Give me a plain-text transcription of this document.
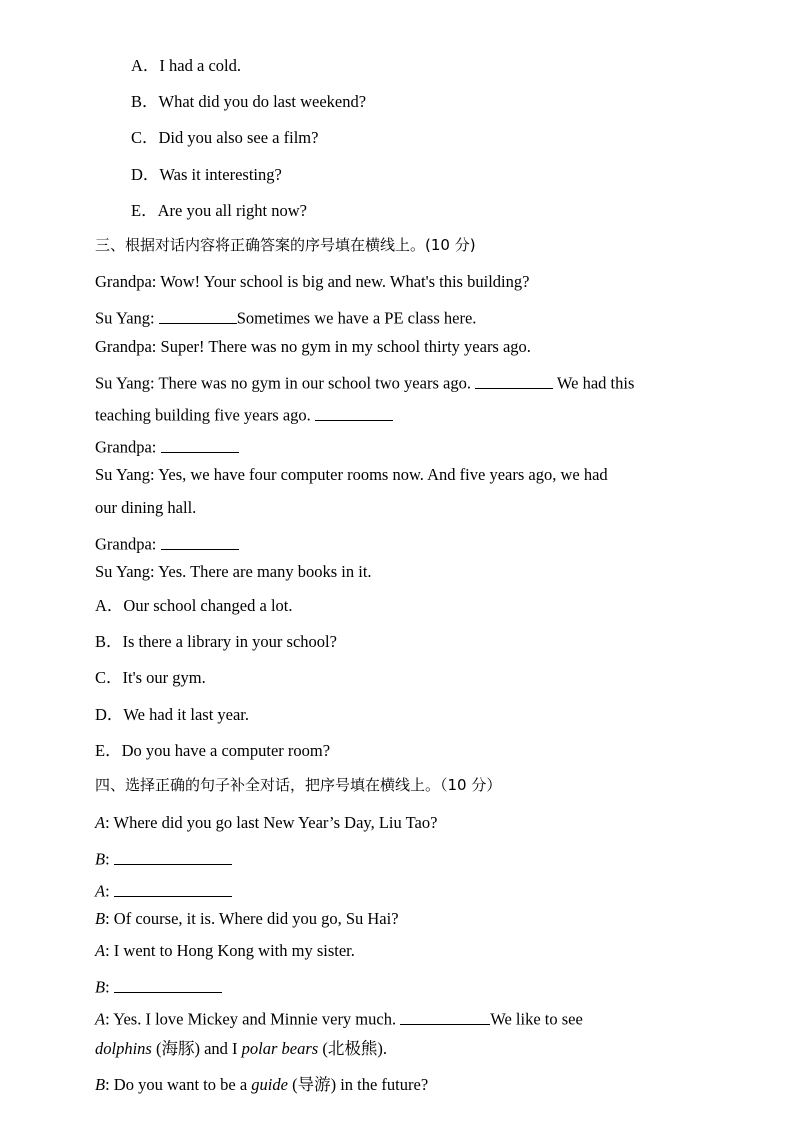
A．I had a cold.
B．What did you do last weekend?
C．Did you also see a film?
D．Was it interesting?
E．Are you all right now?
三、根据对话内容将正确答案的序号填在横线上。(10 分)
Grandpa: Wow! Your school is big and new. What's this building?
Su Yang:	Sometimes we have a PE class here.
Grandpa: Super! There was no gym in my school thirty years ago.
Su Yang: There was no gym in our school two years ago.	We had this
teaching building five years ago.
Grandpa:
Su Yang: Yes, we have four computer rooms now. And five years ago, we had
our dining hall.
Grandpa:
Su Yang: Yes. There are many books in it.
A．Our school changed a lot.
B．Is there a library in your school?
C．It's our gym.
D．We had it last year.
E．Do you have a computer room?
四、选择正确的句子补全对话，把序号填在横线上。（10 分）
A: Where did you go last New Year’s Day, Liu Tao?
B:
A:
B: Of course, it is. Where did you go, Su Hai?
A: I went to Hong Kong with my sister.
B:
A: Yes. I love Mickey and Minnie very much.	We like to see
dolphins (海豚) and I polar bears (北极熊).
B: Do you want to be a guide (导游) in the future?
